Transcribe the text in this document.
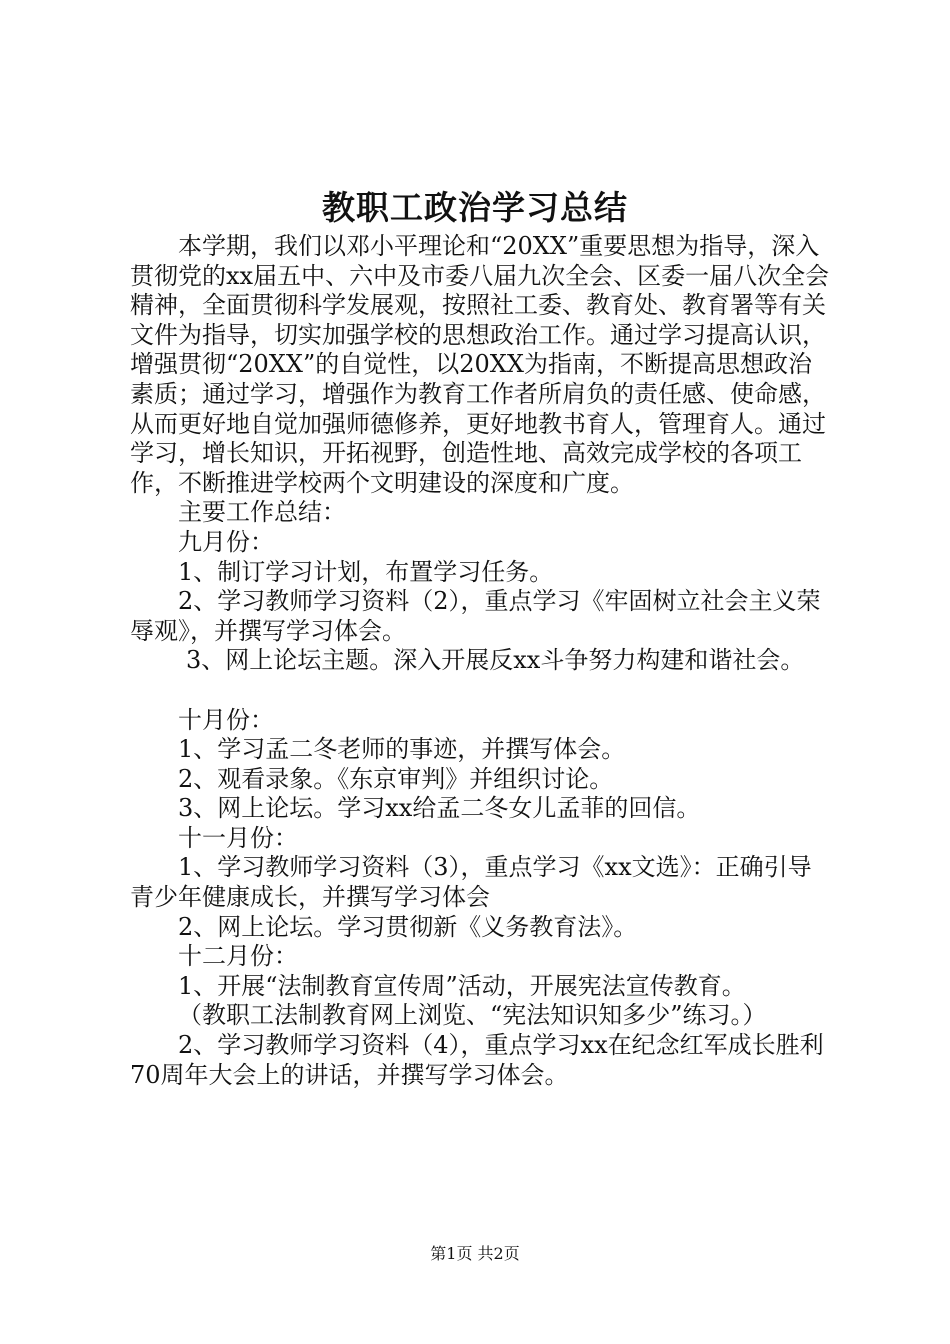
教职工政治学习总结

本学期，我们以邓小平理论和“20XX”重要思想为指导，深入贯彻党的xx届五中、六中及市委八届九次全会、区委一届八次全会精神，全面贯彻科学发展观，按照社工委、教育处、教育署等有关文件为指导，切实加强学校的思想政治工作。通过学习提高认识，增强贯彻“20XX”的自觉性，以20XX为指南，不断提高思想政治素质；通过学习，增强作为教育工作者所肩负的责任感、使命感，从而更好地自觉加强师德修养，更好地教书育人，管理育人。通过学习，增长知识，开拓视野，创造性地、高效完成学校的各项工作，不断推进学校两个文明建设的深度和广度。

主要工作总结：

九月份：

1、制订学习计划，布置学习任务。

2、学习教师学习资料（2），重点学习《牢固树立社会主义荣辱观》，并撰写学习体会。

3、网上论坛主题。深入开展反xx斗争努力构建和谐社会。

十月份：

1、学习孟二冬老师的事迹，并撰写体会。

2、观看录象。《东京审判》并组织讨论。

3、网上论坛。学习xx给孟二冬女儿孟菲的回信。

十一月份：

1、学习教师学习资料（3），重点学习《xx文选》：正确引导青少年健康成长，并撰写学习体会

2、网上论坛。学习贯彻新《义务教育法》。

十二月份：

1、开展“法制教育宣传周”活动，开展宪法宣传教育。

（教职工法制教育网上浏览、“宪法知识知多少”练习。）

2、学习教师学习资料（4），重点学习xx在纪念红军成长胜利70周年大会上的讲话，并撰写学习体会。

第1页 共2页
